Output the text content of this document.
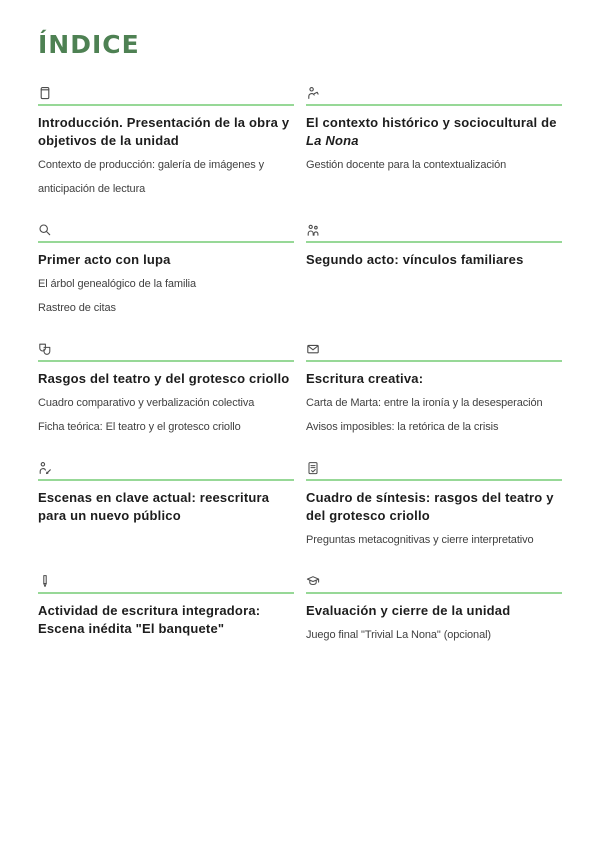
ÍNDICE
Introducción. Presentación de la obra y objetivos de la unidad

Contexto de producción: galería de imágenes y anticipación de lectura

El contexto histórico y sociocultural de La Nona

Gestión docente para la contextualización

Primer acto con lupa

El árbol genealógico de la familia

Rastreo de citas

Segundo acto: vínculos familiares
Rasgos del teatro y del grotesco criollo

Cuadro comparativo y verbalización colectiva

Ficha teórica: El teatro y el grotesco criollo

Escritura creativa:

Carta de Marta: entre la ironía y la desesperación

Avisos imposibles: la retórica de la crisis

Escenas en clave actual: reescritura para un nuevo público
Cuadro de síntesis: rasgos del teatro y del grotesco criollo

Preguntas metacognitivas y cierre interpretativo

Actividad de escritura integradora: Escena inédita "El banquete"
Evaluación y cierre de la unidad

Juego final "Trivial La Nona" (opcional)
